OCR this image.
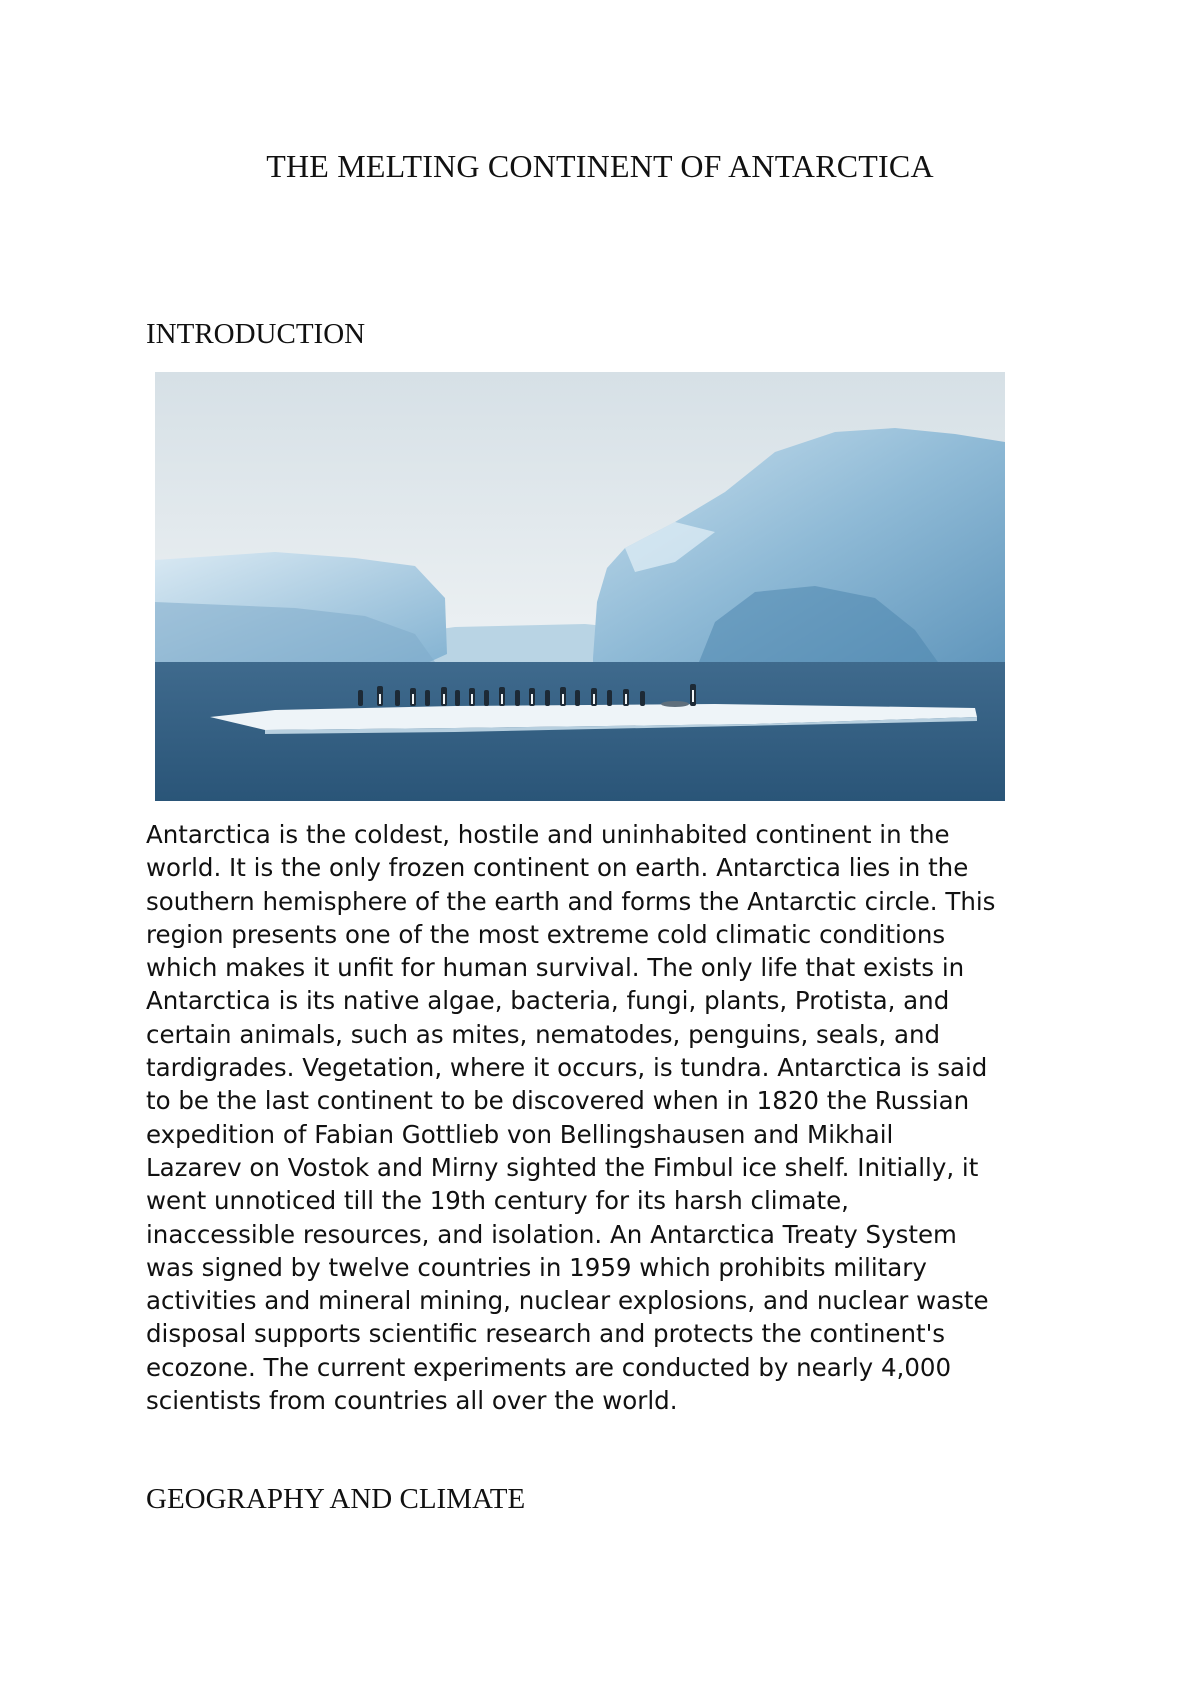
THE MELTING CONTINENT OF ANTARCTICA
INTRODUCTION

Antarctica is the coldest, hostile and uninhabited continent in the
world. It is the only frozen continent on earth. Antarctica lies in the
southern hemisphere of the earth and forms the Antarctic circle. This
region presents one of the most extreme cold climatic conditions
which makes it unfit for human survival. The only life that exists in
Antarctica is its native algae, bacteria, fungi, plants, Protista, and
certain animals, such as mites, nematodes, penguins, seals, and
tardigrades. Vegetation, where it occurs, is tundra. Antarctica is said
to be the last continent to be discovered when in 1820 the Russian
expedition of Fabian Gottlieb von Bellingshausen and Mikhail
Lazarev on Vostok and Mirny sighted the Fimbul ice shelf. Initially, it
went unnoticed till the 19th century for its harsh climate,
inaccessible resources, and isolation. An Antarctica Treaty System
was signed by twelve countries in 1959 which prohibits military
activities and mineral mining, nuclear explosions, and nuclear waste
disposal supports scientific research and protects the continent's
ecozone. The current experiments are conducted by nearly 4,000
scientists from countries all over the world.

GEOGRAPHY AND CLIMATE
